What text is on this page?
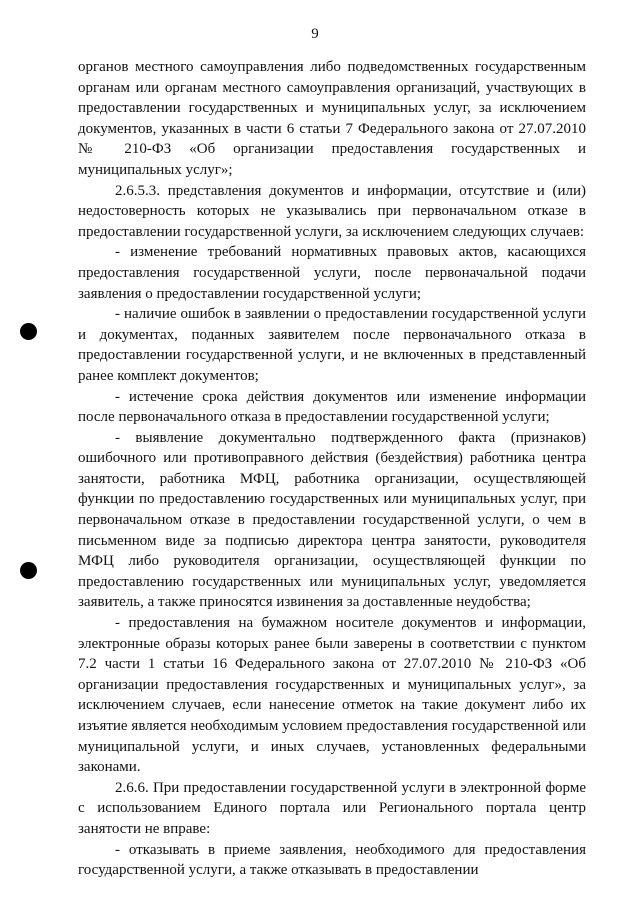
9

органов местного самоуправления либо подведомственных государственным органам или органам местного самоуправления организаций, участвующих в предоставлении государственных и муниципальных услуг, за исключением документов, указанных в части 6 статьи 7 Федерального закона от 27.07.2010 № 210-ФЗ «Об организации предоставления государственных и муниципальных услуг»;

2.6.5.3. представления документов и информации, отсутствие и (или) недостоверность которых не указывались при первоначальном отказе в предоставлении государственной услуги, за исключением следующих случаев:

- изменение требований нормативных правовых актов, касающихся предоставления государственной услуги, после первоначальной подачи заявления о предоставлении государственной услуги;

- наличие ошибок в заявлении о предоставлении государственной услуги и документах, поданных заявителем после первоначального отказа в предоставлении государственной услуги, и не включенных в представленный ранее комплект документов;

- истечение срока действия документов или изменение информации после первоначального отказа в предоставлении государственной услуги;

- выявление документально подтвержденного факта (признаков) ошибочного или противоправного действия (бездействия) работника центра занятости, работника МФЦ, работника организации, осуществляющей функции по предоставлению государственных или муниципальных услуг, при первоначальном отказе в предоставлении государственной услуги, о чем в письменном виде за подписью директора центра занятости, руководителя МФЦ либо руководителя организации, осуществляющей функции по предоставлению государственных или муниципальных услуг, уведомляется заявитель, а также приносятся извинения за доставленные неудобства;

- предоставления на бумажном носителе документов и информации, электронные образы которых ранее были заверены в соответствии с пунктом 7.2 части 1 статьи 16 Федерального закона от 27.07.2010 № 210-ФЗ «Об организации предоставления государственных и муниципальных услуг», за исключением случаев, если нанесение отметок на такие документ либо их изъятие является необходимым условием предоставления государственной или муниципальной услуги, и иных случаев, установленных федеральными законами.

2.6.6. При предоставлении государственной услуги в электронной форме с использованием Единого портала или Регионального портала центр занятости не вправе:

- отказывать в приеме заявления, необходимого для предоставления государственной услуги, а также отказывать в предоставлении
